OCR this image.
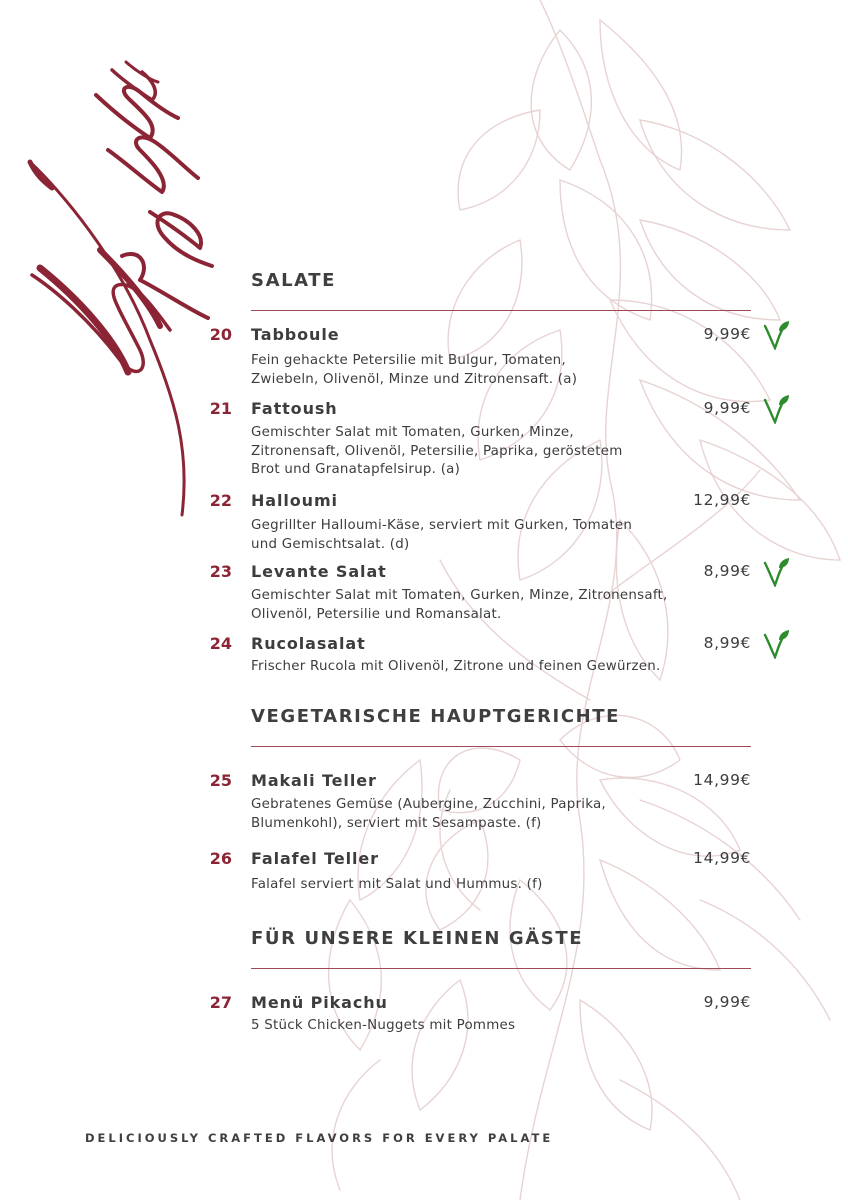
SALATE
20 Tabboule	9,99€
Fein gehackte Petersilie mit Bulgur, Tomaten,
Zwiebeln, Olivenöl, Minze und Zitronensaft. (a)
21 Fattoush	9,99€
Gemischter Salat mit Tomaten, Gurken, Minze,
Zitronensaft, Olivenöl, Petersilie, Paprika, geröstetem
Brot und Granatapfelsirup. (a)
22 Halloumi	12,99€
Gegrillter Halloumi-Käse, serviert mit Gurken, Tomaten
und Gemischtsalat. (d)
23 Levante Salat	8,99€
Gemischter Salat mit Tomaten, Gurken, Minze, Zitronensaft,
Olivenöl, Petersilie und Romansalat.
24 Rucolasalat	8,99€
Frischer Rucola mit Olivenöl, Zitrone und feinen Gewürzen.
VEGETARISCHE HAUPTGERICHTE
25 Makali Teller	14,99€
Gebratenes Gemüse (Aubergine, Zucchini, Paprika,
Blumenkohl), serviert mit Sesampaste. (f)
26 Falafel Teller	14,99€
Falafel serviert mit Salat und Hummus. (f)
FÜR UNSERE KLEINEN GÄSTE
27 Menü Pikachu	9,99€
5 Stück Chicken-Nuggets mit Pommes
DELICIOUSLY CRAFTED FLAVORS FOR EVERY PALATE
